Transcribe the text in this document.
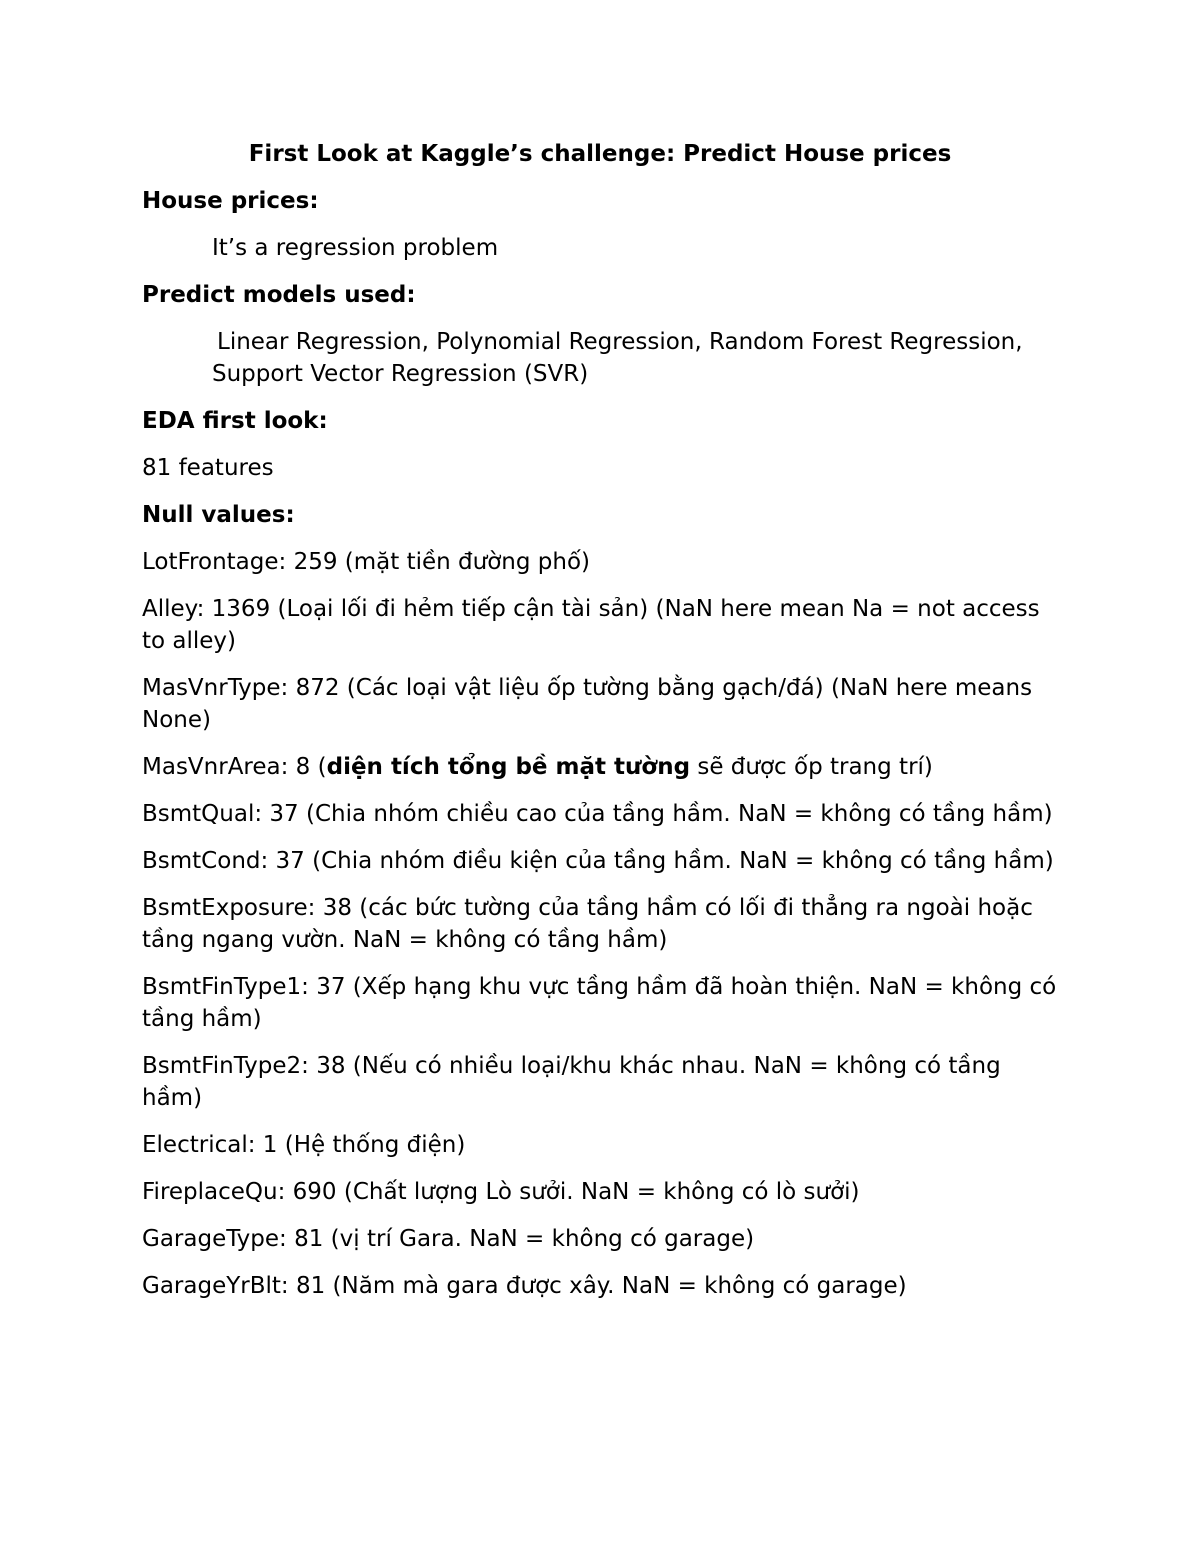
First Look at Kaggle’s challenge: Predict House prices
House prices:
It’s a regression problem
Predict models used:
Linear Regression, Polynomial Regression, Random Forest Regression,
Support Vector Regression (SVR)
EDA first look:
81 features
Null values:
LotFrontage: 259 (mặt tiền đường phố)
Alley: 1369 (Loại lối đi hẻm tiếp cận tài sản) (NaN here mean Na = not access to alley)
MasVnrType: 872 (Các loại vật liệu ốp tường bằng gạch/đá) (NaN here means None)
MasVnrArea: 8 (diện tích tổng bề mặt tường sẽ được ốp trang trí)
BsmtQual: 37 (Chia nhóm chiều cao của tầng hầm. NaN = không có tầng hầm)
BsmtCond: 37 (Chia nhóm điều kiện của tầng hầm. NaN = không có tầng hầm)
BsmtExposure: 38 (các bức tường của tầng hầm có lối đi thẳng ra ngoài hoặc tầng ngang vườn. NaN = không có tầng hầm)
BsmtFinType1: 37 (Xếp hạng khu vực tầng hầm đã hoàn thiện. NaN = không có tầng hầm)
BsmtFinType2: 38 (Nếu có nhiều loại/khu khác nhau. NaN = không có tầng hầm)
Electrical: 1 (Hệ thống điện)
FireplaceQu: 690 (Chất lượng Lò sưởi. NaN = không có lò sưởi)
GarageType: 81 (vị trí Gara. NaN = không có garage)
GarageYrBlt: 81 (Năm mà gara được xây. NaN = không có garage)
